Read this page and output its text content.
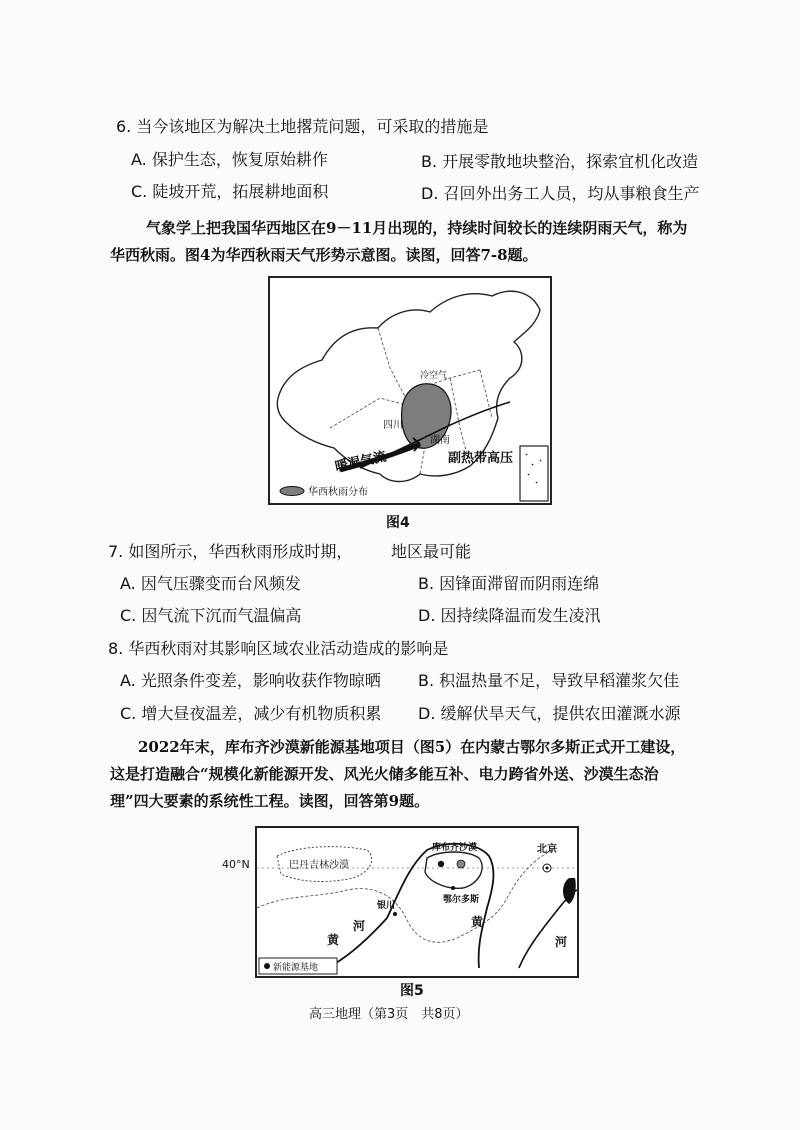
6. 当今该地区为解决土地撂荒问题，可采取的措施是
A. 保护生态，恢复原始耕作	B. 开展零散地块整治，探索宜机化改造
C. 陡坡开荒，拓展耕地面积	D. 召回外出务工人员，均从事粮食生产
气象学上把我国华西地区在9－11月出现的，持续时间较长的连续阴雨天气，称为
华西秋雨。图4为华西秋雨天气形势示意图。读图，回答7-8题。
四川
湖南
暖湿气流	副热带高压
冷空气
华西秋雨分布
图4
7. 如图所示，华西秋雨形成时期， 地区最可能
A. 因气压骤变而台风频发	B. 因锋面滞留而阴雨连绵
C. 因气流下沉而气温偏高	D. 因持续降温而发生凌汛
8. 华西秋雨对其影响区域农业活动造成的影响是
A. 光照条件变差，影响收获作物晾晒 B. 积温热量不足，导致早稻灌浆欠佳
C. 增大昼夜温差，减少有机物质积累 D. 缓解伏旱天气，提供农田灌溉水源
2022年末，库布齐沙漠新能源基地项目（图5）在内蒙古鄂尔多斯正式开工建设，
这是打造融合“规模化新能源开发、风光火储多能互补、电力跨省外送、沙漠生态治
理”四大要素的系统性工程。读图，回答第9题。
40°N	巴丹吉林沙漠
库布齐沙漠	北京
鄂尔多斯
银川
黄
河	黄
河
新能源基地
图5
高三地理（第3页　共8页）
